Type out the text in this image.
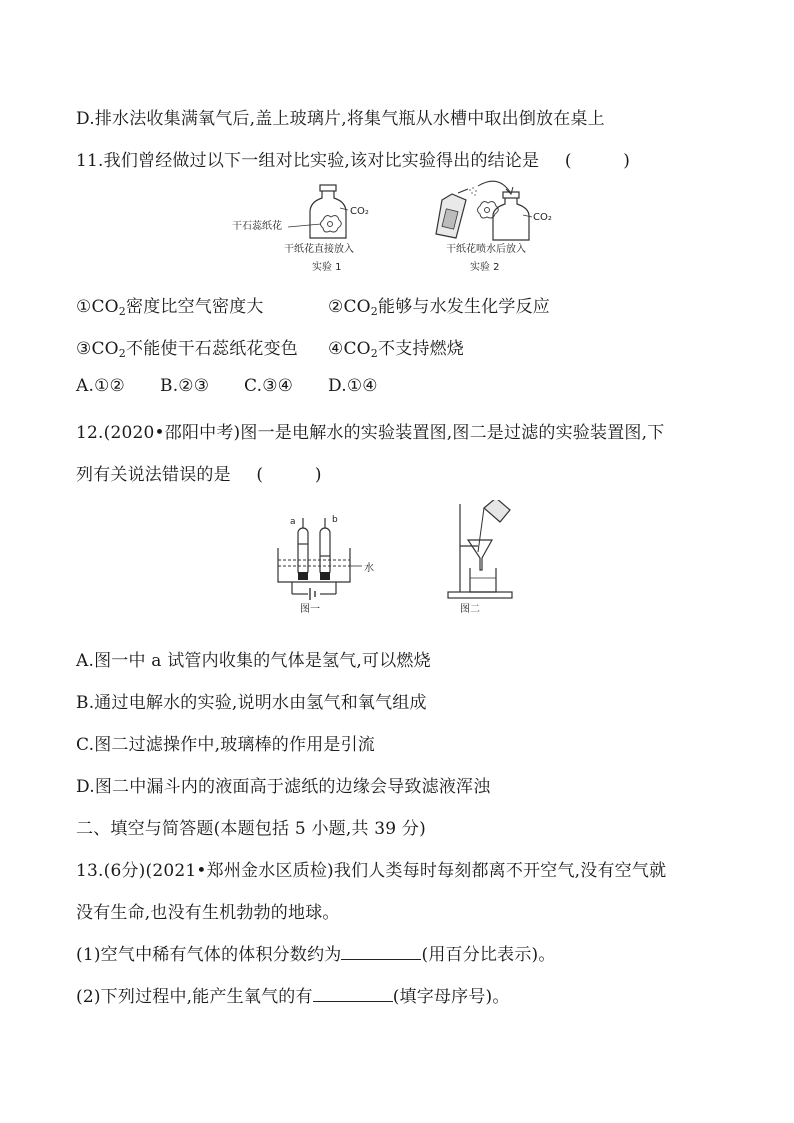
D.排水法收集满氧气后,盖上玻璃片,将集气瓶从水槽中取出倒放在桌上
11.我们曾经做过以下一组对比实验,该对比实验得出的结论是 (　　　)
干石蕊纸花
CO₂
干纸花直接放入
实验 1
CO₂
干纸花喷水后放入
实验 2
$①CO_2$密度比空气密度大	$②CO_2$能够与水发生化学反应
$③CO_2$不能使干石蕊纸花变色 $④CO_2$不支持燃烧
A.①② B.②③ C.③④ D.①④
12.(2020•邵阳中考)图一是电解水的实验装置图,图二是过滤的实验装置图,下
列有关说法错误的是 (　　　)
a	b
水
图一	图二
A.图一中 a 试管内收集的气体是氢气,可以燃烧
B.通过电解水的实验,说明水由氢气和氧气组成
C.图二过滤操作中,玻璃棒的作用是引流
D.图二中漏斗内的液面高于滤纸的边缘会导致滤液浑浊
二、填空与简答题(本题包括 5 小题,共 39 分)
13.(6分)(2021•郑州金水区质检)我们人类每时每刻都离不开空气,没有空气就
没有生命,也没有生机勃勃的地球。
(1)空气中稀有气体的体积分数约为	(用百分比表示)。
(2)下列过程中,能产生氧气的有	(填字母序号)。
